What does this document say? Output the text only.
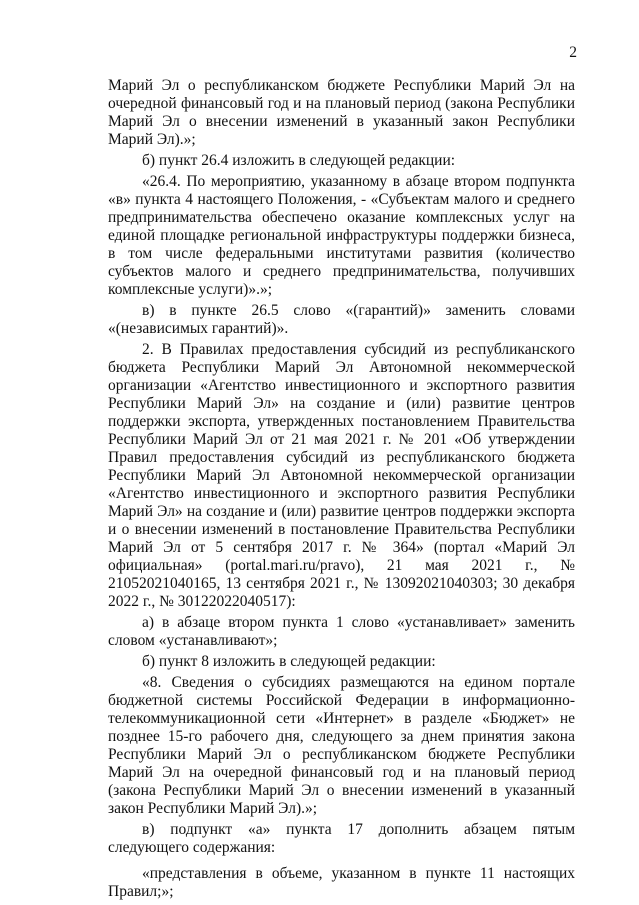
2

Марий Эл о республиканском бюджете Республики Марий Эл на очередной финансовый год и на плановый период (закона Республики Марий Эл о внесении изменений в указанный закон Республики Марий Эл).»;

б) пункт 26.4 изложить в следующей редакции:

«26.4. По мероприятию, указанному в абзаце втором подпункта «в» пункта 4 настоящего Положения, - «Субъектам малого и среднего предпринимательства обеспечено оказание комплексных услуг на единой площадке региональной инфраструктуры поддержки бизнеса, в том числе федеральными институтами развития (количество субъектов малого и среднего предпринимательства, получивших комплексные услуги)».»;

в) в пункте 26.5 слово «(гарантий)» заменить словами «(независимых гарантий)».

2. В Правилах предоставления субсидий из республиканского бюджета Республики Марий Эл Автономной некоммерческой организации «Агентство инвестиционного и экспортного развития Республики Марий Эл» на создание и (или) развитие центров поддержки экспорта, утвержденных постановлением Правительства Республики Марий Эл от 21 мая 2021 г. № 201 «Об утверждении Правил предоставления субсидий из республиканского бюджета Республики Марий Эл Автономной некоммерческой организации «Агентство инвестиционного и экспортного развития Республики Марий Эл» на создание и (или) развитие центров поддержки экспорта и о внесении изменений в постановление Правительства Республики Марий Эл от 5 сентября 2017 г. № 364» (портал «Марий Эл официальная» (portal.mari.ru/pravo), 21 мая 2021 г., № 21052021040165, 13 сентября 2021 г., № 13092021040303; 30 декабря 2022 г., № 30122022040517):

а) в абзаце втором пункта 1 слово «устанавливает» заменить словом «устанавливают»;

б) пункт 8 изложить в следующей редакции:

«8. Сведения о субсидиях размещаются на едином портале бюджетной системы Российской Федерации в информационно-телекоммуникационной сети «Интернет» в разделе «Бюджет» не позднее 15-го рабочего дня, следующего за днем принятия закона Республики Марий Эл о республиканском бюджете Республики Марий Эл на очередной финансовый год и на плановый период (закона Республики Марий Эл о внесении изменений в указанный закон Республики Марий Эл).»;

в) подпункт «а» пункта 17 дополнить абзацем пятым следующего содержания:

«представления в объеме, указанном в пункте 11 настоящих Правил;»;
